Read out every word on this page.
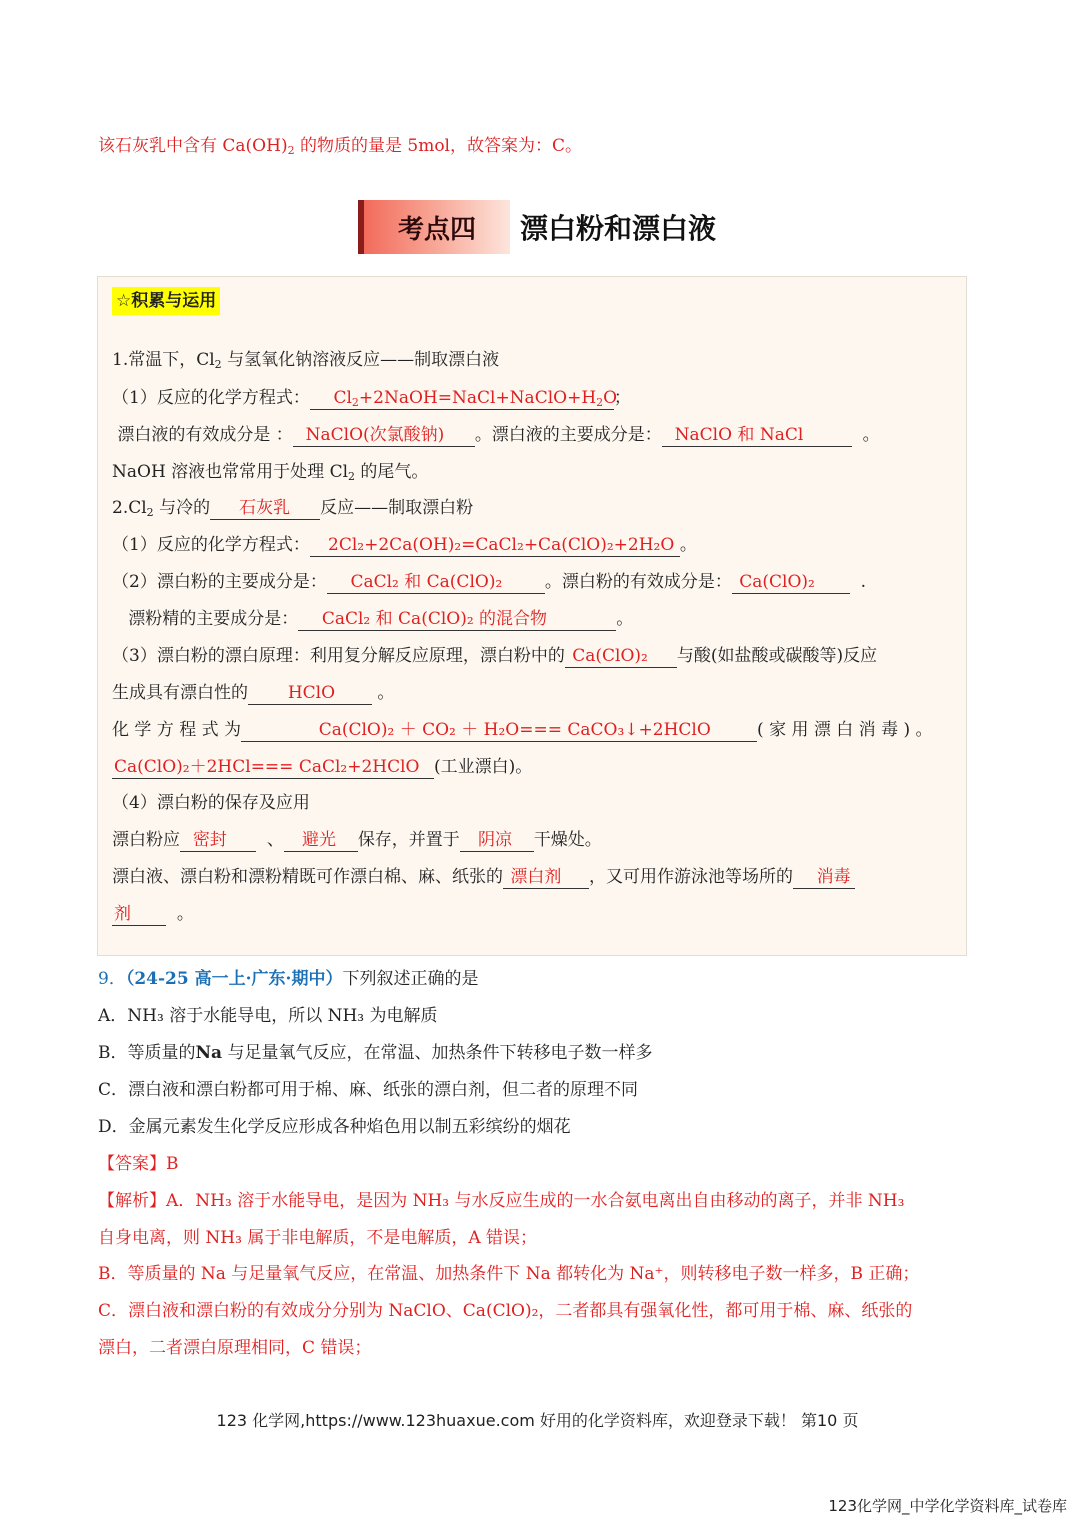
该石灰乳中含有 $Ca(OH)_2$ 的物质的量是 5mol，故答案为：C。
考点四	漂白粉和漂白液
☆积累与运用
1.常温下，$Cl_2$ 与氢氧化钠溶液反应——制取漂白液
（1）反应的化学方程式： $Cl_2+2NaOH=NaCl+NaClO+H_2O$；
漂白液的有效成分是 ： NaClO(次氯酸钠) 。漂白液的主要成分是： NaClO 和 NaCl	。
NaOH 溶液也常常用于处理 $Cl_2$ 的尾气。
$2.Cl_2$ 与冷的 石灰乳 反应——制取漂白粉
（1）反应的化学方程式： 2Cl₂+2Ca(OH)₂=CaCl₂+Ca(ClO)₂+2H₂O 。
（2）漂白粉的主要成分是： CaCl₂ 和 Ca(ClO)₂	。漂白粉的有效成分是： Ca(ClO)₂	.
漂粉精的主要成分是： CaCl₂ 和 Ca(ClO)₂ 的混合物	。
（3）漂白粉的漂白原理：利用复分解反应原理，漂白粉中的 Ca(ClO)₂ 与酸(如盐酸或碳酸等)反应
生成具有漂白性的 HClO 。
化 学 方 程 式 为	Ca(ClO)₂ ＋ CO₂ ＋ H₂O=== CaCO₃↓+2HClO	( 家 用 漂 白 消 毒 ) 。
Ca(ClO)₂＋2HCl=== CaCl₂+2HClO (工业漂白)。
（4）漂白粉的保存及应用
漂白粉应 密封 、 避光 保存，并置于 阴凉 干燥处。
漂白液、漂白粉和漂粉精既可作漂白棉、麻、纸张的 漂白剂 ，又可用作游泳池等场所的 消毒
剂	。
9．（24-25 高一上·广东·期中）下列叙述正确的是
A．NH₃ 溶于水能导电，所以 NH₃ 为电解质
B．等质量的Na 与足量氧气反应，在常温、加热条件下转移电子数一样多
C．漂白液和漂白粉都可用于棉、麻、纸张的漂白剂，但二者的原理不同
D．金属元素发生化学反应形成各种焰色用以制五彩缤纷的烟花
【答案】B
【解析】A．NH₃ 溶于水能导电，是因为 NH₃ 与水反应生成的一水合氨电离出自由移动的离子，并非 NH₃
自身电离，则 NH₃ 属于非电解质，不是电解质，A 错误；
B．等质量的 Na 与足量氧气反应，在常温、加热条件下 Na 都转化为 Na⁺，则转移电子数一样多，B 正确；
C．漂白液和漂白粉的有效成分分别为 NaClO、Ca(ClO)₂，二者都具有强氧化性，都可用于棉、麻、纸张的
漂白，二者漂白原理相同，C 错误；
123 化学网,https://www.123huaxue.com 好用的化学资料库，欢迎登录下载！ 第10 页
123化学网_中学化学资料库_试卷库
